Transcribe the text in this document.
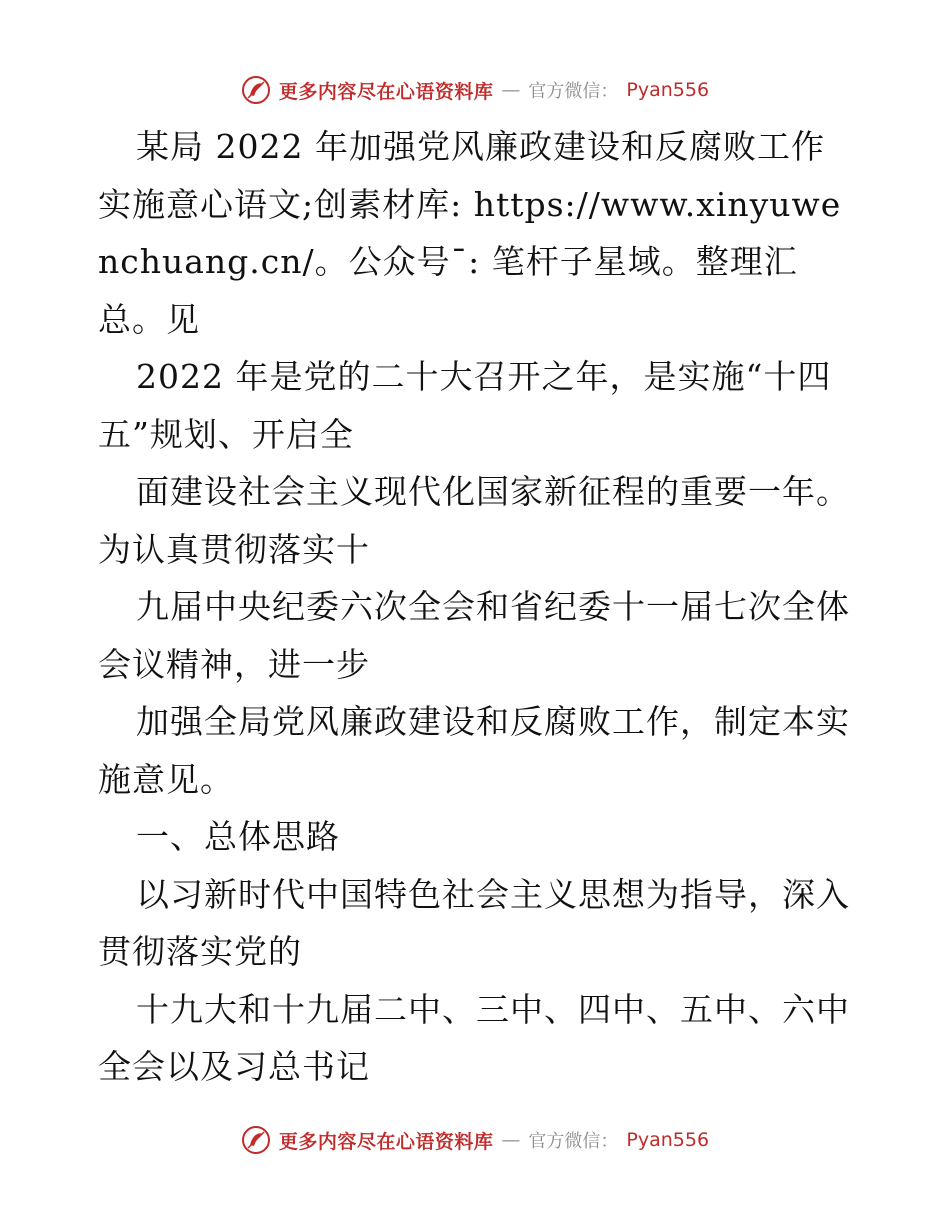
更多内容尽在心语资料库 — 官方微信： Pyan556

某局 2022 年加强党风廉政建设和反腐败工作实施意心语文;创素材库: https://www.xinyuwenchuang.cn/。公众号¯: 笔杆子星域。整理汇总。见

2022 年是党的二十大召开之年，是实施“十四五”规划、开启全

面建设社会主义现代化国家新征程的重要一年。为认真贯彻落实十

九届中央纪委六次全会和省纪委十一届七次全体会议精神，进一步

加强全局党风廉政建设和反腐败工作，制定本实施意见。

一、总体思路

以习新时代中国特色社会主义思想为指导，深入贯彻落实党的

十九大和十九届二中、三中、四中、五中、六中全会以及习总书记

更多内容尽在心语资料库 — 官方微信： Pyan556
